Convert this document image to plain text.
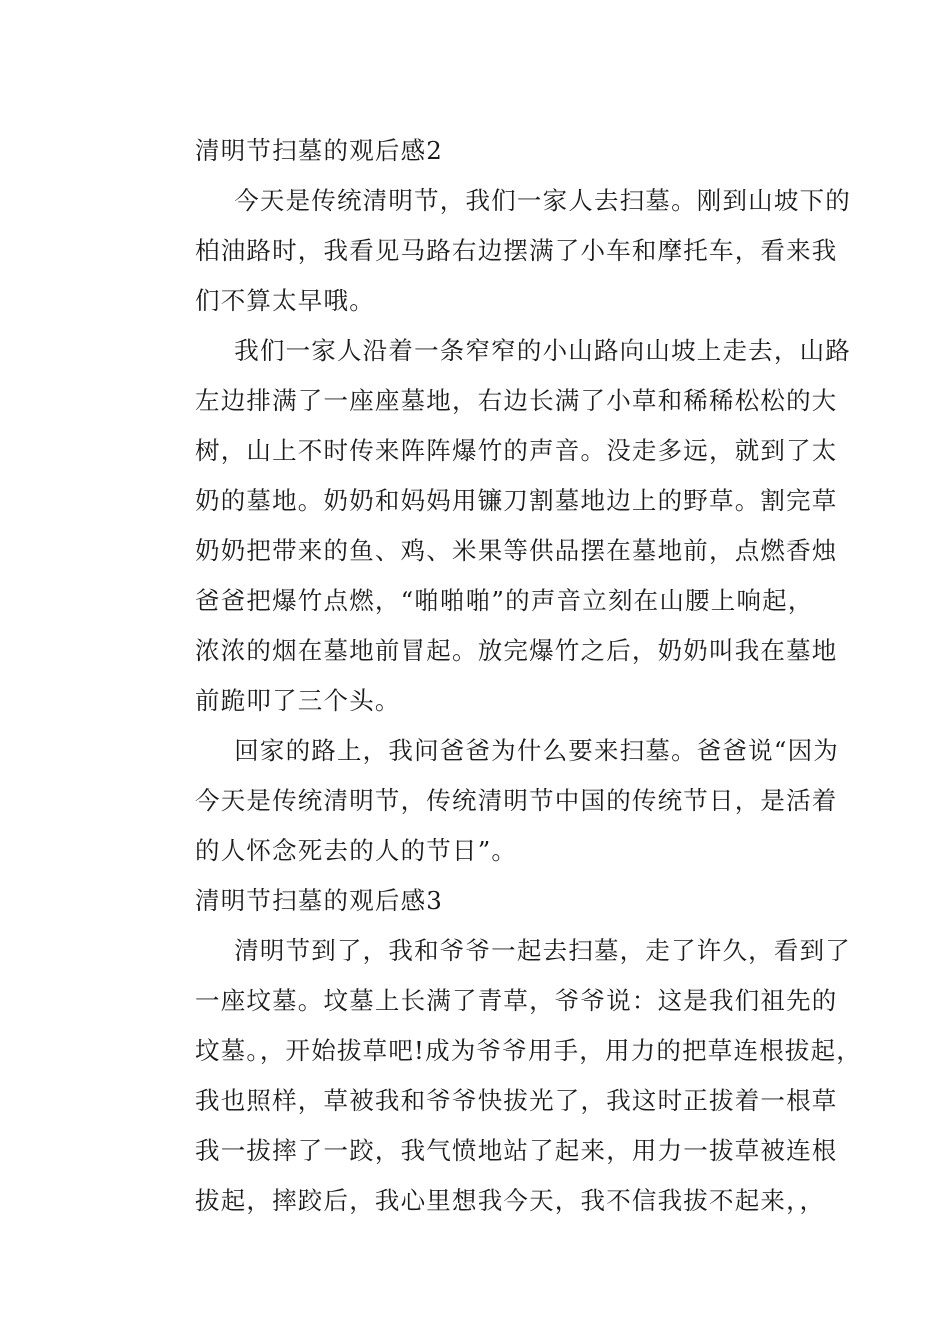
清明节扫墓的观后感2
今天是传统清明节，我们一家人去扫墓。刚到山坡下的
柏油路时，我看见马路右边摆满了小车和摩托车，看来我
们不算太早哦。
我们一家人沿着一条窄窄的小山路向山坡上走去，山路
左边排满了一座座墓地，右边长满了小草和稀稀松松的大
树，山上不时传来阵阵爆竹的声音。没走多远，就到了太
奶的墓地。奶奶和妈妈用镰刀割墓地边上的野草。割完草
奶奶把带来的鱼、鸡、米果等供品摆在墓地前，点燃香烛
爸爸把爆竹点燃，“啪啪啪”的声音立刻在山腰上响起，
浓浓的烟在墓地前冒起。放完爆竹之后，奶奶叫我在墓地
前跪叩了三个头。
回家的路上，我问爸爸为什么要来扫墓。爸爸说“因为
今天是传统清明节，传统清明节中国的传统节日，是活着
的人怀念死去的人的节日”。
清明节扫墓的观后感3
清明节到了，我和爷爷一起去扫墓，走了许久，看到了
一座坟墓。坟墓上长满了青草，爷爷说：这是我们祖先的
坟墓。，开始拔草吧!成为爷爷用手，用力的把草连根拔起，
我也照样，草被我和爷爷快拔光了，我这时正拔着一根草
我一拔摔了一跤，我气愤地站了起来，用力一拔草被连根
拔起，摔跤后，我心里想我今天，我不信我拔不起来，，
